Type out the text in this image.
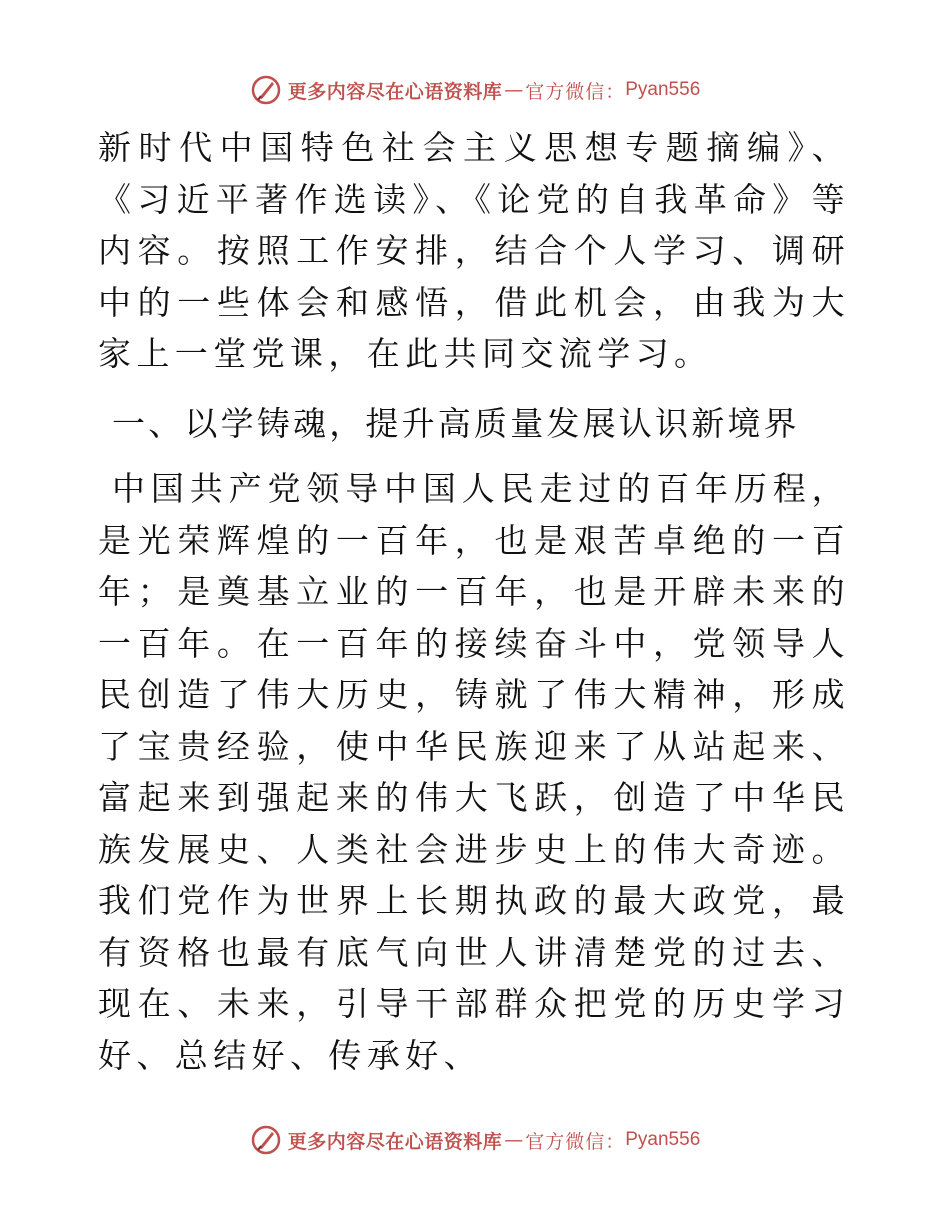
更多内容尽在心语资料库 — 官方微信： Pyan556

新时代中国特色社会主义思想专题摘编》、《习近平著作选读》、《论党的自我革命》等内容。按照工作安排，结合个人学习、调研中的一些体会和感悟，借此机会，由我为大家上一堂党课，在此共同交流学习。

一、以学铸魂，提升高质量发展认识新境界

中国共产党领导中国人民走过的百年历程，是光荣辉煌的一百年，也是艰苦卓绝的一百年；是奠基立业的一百年，也是开辟未来的一百年。在一百年的接续奋斗中，党领导人民创造了伟大历史，铸就了伟大精神，形成了宝贵经验，使中华民族迎来了从站起来、富起来到强起来的伟大飞跃，创造了中华民族发展史、人类社会进步史上的伟大奇迹。我们党作为世界上长期执政的最大政党，最有资格也最有底气向世人讲清楚党的过去、现在、未来，引导干部群众把党的历史学习好、总结好、传承好、

更多内容尽在心语资料库 — 官方微信： Pyan556
